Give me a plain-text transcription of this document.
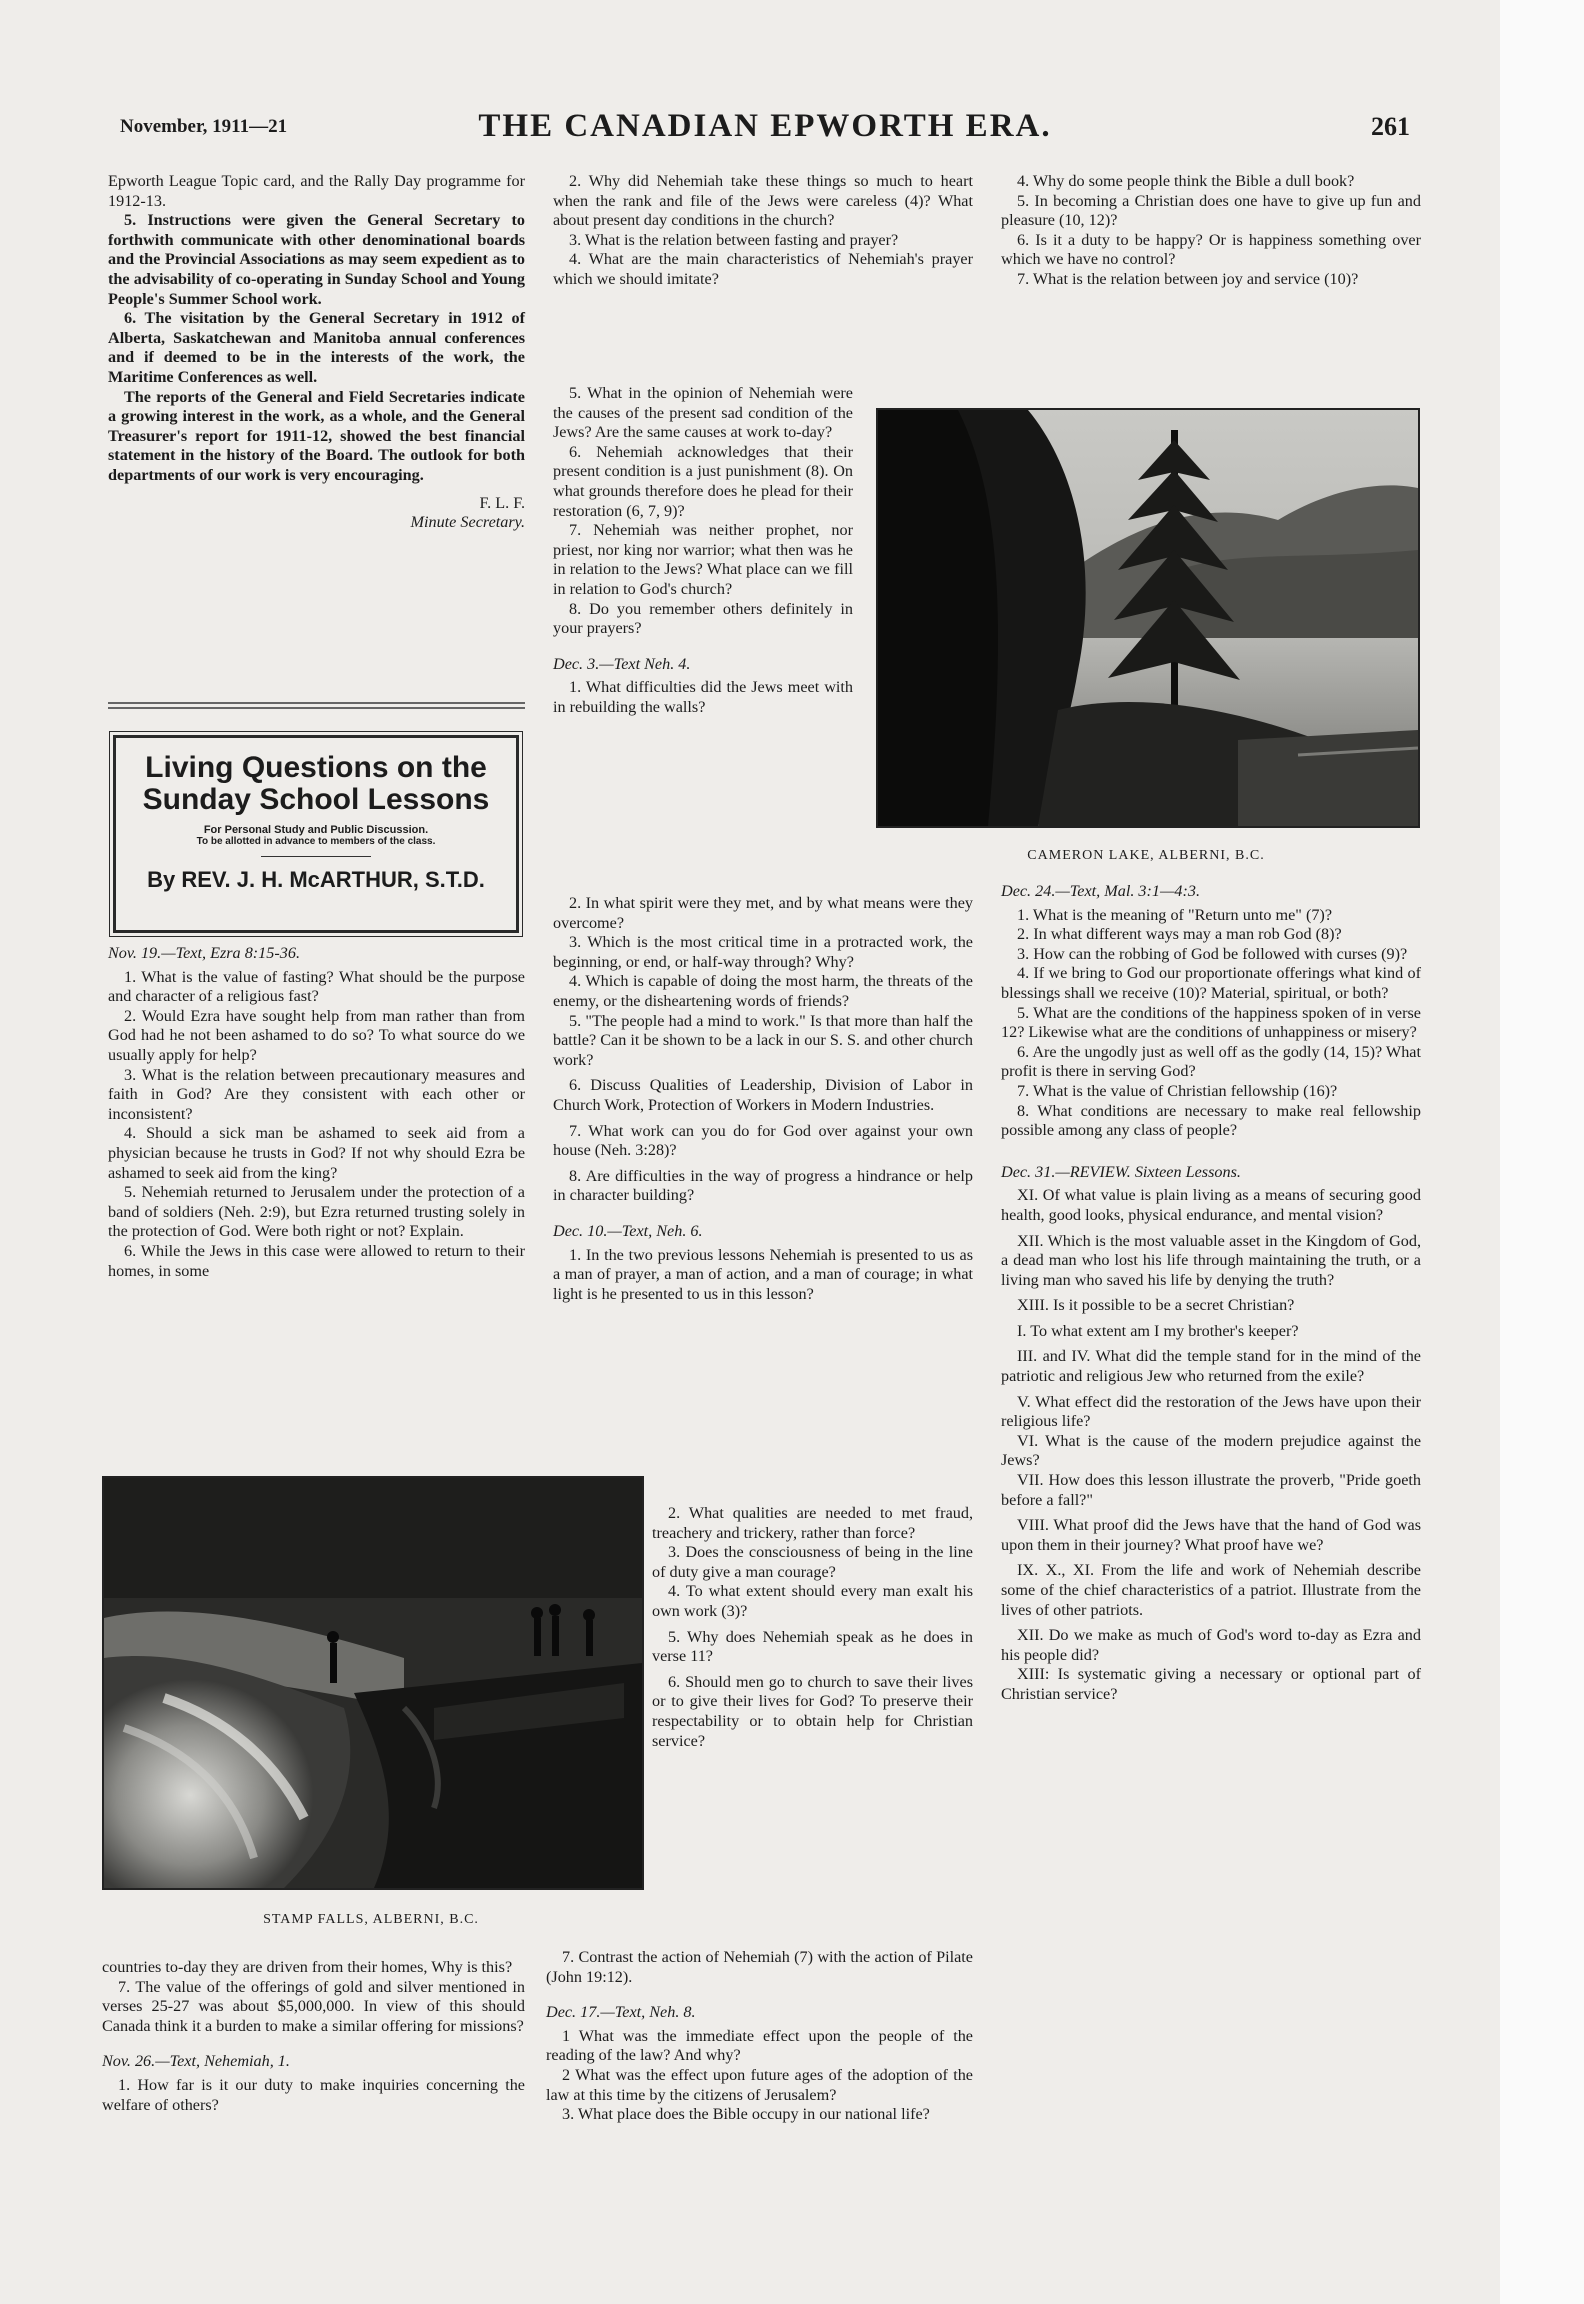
November, 1911—21	THE CANADIAN EPWORTH ERA.	261

Epworth League Topic card, and the Rally Day programme for 1912-13.

5. Instructions were given the General Secretary to forthwith communicate with other denominational boards and the Provincial Associations as may seem expedient as to the advisability of co-operating in Sunday School and Young People's Summer School work.

6. The visitation by the General Secretary in 1912 of Alberta, Saskatchewan and Manitoba annual conferences and if deemed to be in the interests of the work, the Maritime Conferences as well.

The reports of the General and Field Secretaries indicate a growing interest in the work, as a whole, and the General Treasurer's report for 1911-12, showed the best financial statement in the history of the Board. The outlook for both departments of our work is very encouraging.

F. L. F.

Minute Secretary.

Living Questions on the
Sunday School Lessons
For Personal Study and Public Discussion.
To be allotted in advance to members of the class.
By REV. J. H. McARTHUR, S.T.D.

Nov. 19.—Text, Ezra 8:15-36.

1. What is the value of fasting? What should be the purpose and character of a religious fast?

2. Would Ezra have sought help from man rather than from God had he not been ashamed to do so? To what source do we usually apply for help?

3. What is the relation between precautionary measures and faith in God? Are they consistent with each other or inconsistent?

4. Should a sick man be ashamed to seek aid from a physician because he trusts in God? If not why should Ezra be ashamed to seek aid from the king?

5. Nehemiah returned to Jerusalem under the protection of a band of soldiers (Neh. 2:9), but Ezra returned trusting solely in the protection of God. Were both right or not? Explain.

6. While the Jews in this case were allowed to return to their homes, in some

STAMP FALLS, ALBERNI, B.C.

countries to-day they are driven from their homes, Why is this?

7. The value of the offerings of gold and silver mentioned in verses 25-27 was about $5,000,000. In view of this should Canada think it a burden to make a similar offering for missions?

Nov. 26.—Text, Nehemiah, 1.

1. How far is it our duty to make inquiries concerning the welfare of others?

2. Why did Nehemiah take these things so much to heart when the rank and file of the Jews were careless (4)? What about present day conditions in the church?

3. What is the relation between fasting and prayer?

4. What are the main characteristics of Nehemiah's prayer which we should imitate?

5. What in the opinion of Nehemiah were the causes of the present sad condition of the Jews? Are the same causes at work to-day?

6. Nehemiah acknowledges that their present condition is a just punishment (8). On what grounds therefore does he plead for their restoration (6, 7, 9)?

7. Nehemiah was neither prophet, nor priest, nor king nor warrior; what then was he in relation to the Jews? What place can we fill in relation to God's church?

8. Do you remember others definitely in your prayers?

Dec. 3.—Text Neh. 4.

1. What difficulties did the Jews meet with in rebuilding the walls?

2. In what spirit were they met, and by what means were they overcome?

3. Which is the most critical time in a protracted work, the beginning, or end, or half-way through? Why?

4. Which is capable of doing the most harm, the threats of the enemy, or the disheartening words of friends?

5. "The people had a mind to work." Is that more than half the battle? Can it be shown to be a lack in our S. S. and other church work?

6. Discuss Qualities of Leadership, Division of Labor in Church Work, Protection of Workers in Modern Industries.

7. What work can you do for God over against your own house (Neh. 3:28)?

8. Are difficulties in the way of progress a hindrance or help in character building?

Dec. 10.—Text, Neh. 6.

1. In the two previous lessons Nehemiah is presented to us as a man of prayer, a man of action, and a man of courage; in what light is he presented to us in this lesson?

2. What qualities are needed to met fraud, treachery and trickery, rather than force?

3. Does the consciousness of being in the line of duty give a man courage?

4. To what extent should every man exalt his own work (3)?

5. Why does Nehemiah speak as he does in verse 11?

6. Should men go to church to save their lives or to give their lives for God? To preserve their respectability or to obtain help for Christian service?

7. Contrast the action of Nehemiah (7) with the action of Pilate (John 19:12).

Dec. 17.—Text, Neh. 8.

1 What was the immediate effect upon the people of the reading of the law? And why?

2 What was the effect upon future ages of the adoption of the law at this time by the citizens of Jerusalem?

3. What place does the Bible occupy in our national life?

4. Why do some people think the Bible a dull book?

5. In becoming a Christian does one have to give up fun and pleasure (10, 12)?

6. Is it a duty to be happy? Or is happiness something over which we have no control?

7. What is the relation between joy and service (10)?

CAMERON LAKE, ALBERNI, B.C.

Dec. 24.—Text, Mal. 3:1—4:3.

1. What is the meaning of "Return unto me" (7)?

2. In what different ways may a man rob God (8)?

3. How can the robbing of God be followed with curses (9)?

4. If we bring to God our proportionate offerings what kind of blessings shall we receive (10)? Material, spiritual, or both?

5. What are the conditions of the happiness spoken of in verse 12? Likewise what are the conditions of unhappiness or misery?

6. Are the ungodly just as well off as the godly (14, 15)? What profit is there in serving God?

7. What is the value of Christian fellowship (16)?

8. What conditions are necessary to make real fellowship possible among any class of people?

Dec. 31.—REVIEW. Sixteen Lessons.

XI. Of what value is plain living as a means of securing good health, good looks, physical endurance, and mental vision?

XII. Which is the most valuable asset in the Kingdom of God, a dead man who lost his life through maintaining the truth, or a living man who saved his life by denying the truth?

XIII. Is it possible to be a secret Christian?

I. To what extent am I my brother's keeper?

III. and IV. What did the temple stand for in the mind of the patriotic and religious Jew who returned from the exile?

V. What effect did the restoration of the Jews have upon their religious life?

VI. What is the cause of the modern prejudice against the Jews?

VII. How does this lesson illustrate the proverb, "Pride goeth before a fall?"

VIII. What proof did the Jews have that the hand of God was upon them in their journey? What proof have we?

IX. X., XI. From the life and work of Nehemiah describe some of the chief characteristics of a patriot. Illustrate from the lives of other patriots.

XII. Do we make as much of God's word to-day as Ezra and his people did?

XIII: Is systematic giving a necessary or optional part of Christian service?
